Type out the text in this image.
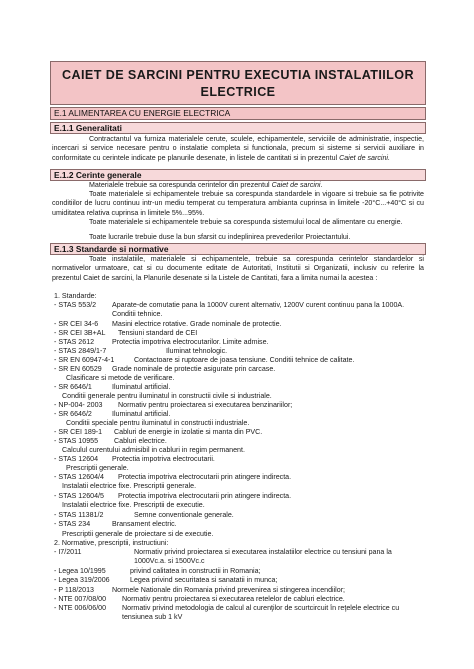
CAIET DE SARCINI PENTRU EXECUTIA INSTALATIILOR
ELECTRICE
E.1 ALIMENTAREA CU ENERGIE ELECTRICA
E.1.1 Generalitati
Contractantul va furniza materialele cerute, sculele, echipamentele, serviciile de administratie, inspectie, incercari si service necesare pentru o instalatie completa si functionala, precum si sisteme si servicii auxiliare in conformitate cu cerintele indicate pe planurile desenate, in listele de cantitati si in prezentul Caiet de sarcini.
E.1.2 Cerinte generale
Materialele trebuie sa corespunda cerintelor din prezentul Caiet de sarcini.
Toate materialele si echipamentele trebuie sa corespunda standardele in vigoare si trebuie sa fie potrivite conditiilor de lucru continuu intr-un mediu temperat cu temperatura ambianta cuprinsa in limitele -20°C...+40°C si cu umiditatea relativa cuprinsa in limitele 5%...95%.
Toate materialele si echipamentele trebuie sa corespunda sistemului local de alimentare cu energie.
Toate lucrarile trebuie duse la bun sfarsit cu indeplinirea prevederilor Proiectantului.
E.1.3 Standarde si normative
Toate instalatiile, materialele si echipamentele, trebuie sa corespunda cerintelor standardelor si normativelor urmatoare, cat si cu documente editate de Autoritati, Institutii si Organizatii, inclusiv cu referire la prezentul Caiet de sarcini, la Planurile desenate si la Listele de Cantitati, fara a limita numai la acestea :
1. Standarde:
- STAS 553/2 Aparate-de comutatie pana la 1000V curent alternativ, 1200V curent continuu pana la 1000A. Conditii tehnice.
- SR CEI 34-6 Masini electrice rotative. Grade nominale de protectie.
- SR CEI 3B+AL Tensiuni standard de CEI
- STAS 2612	Protectia impotriva electrocutarilor. Limite admise.
- STAS 2849/1-7	Iluminat tehnologic.
- SR EN 60947-4-1	Contactoare si ruptoare de joasa tensiune. Conditii tehnice de calitate.
- SR EN 60529 Grade nominale de protectie asigurate prin carcase.
Clasificare si metode de verificare.
- SR 6646/1	Iluminatul artificial.
Conditii generale pentru iluminatul in constructii civile si industriale.
- NP-004- 2003 Normativ pentru proiectarea si executarea benzinariilor;
- SR 6646/2	Iluminatul artificial.
Conditii speciale pentru iluminatul in constructii industriale.
- SR CEI 189-1 Cabluri de energie in izolatie si manta din PVC.
- STAS 10955 Cabluri electrice.
Calculul curentului admisibil in cabluri in regim permanent.
- STAS 12604 Protectia impotriva electrocutarii.
Prescriptii generale.
- STAS 12604/4 Protectia impotriva electrocutarii prin atingere indirecta.
Instalatii electrice fixe. Prescriptii generale.
- STAS 12604/5 Protectia impotriva electrocutarii prin atingere indirecta.
Instalatii electrice fixe. Prescriptii de executie.
- STAS 11381/2	Semne conventionale generale.
- STAS 234	Bransament electric.
Prescriptii generale de proiectare si de executie.
2. Normative, prescriptii, instructiuni:
- I7/2011	Normativ privind proiectarea si executarea instalatiilor electrice cu tensiuni pana la 1000Vc.a. si 1500Vc.c
- Legea 10/1995	privind calitatea in constructii in Romania;
- Legea 319/2006	Legea privind securitatea si sanatatii in munca;
- P 118/2013	Normele Nationale din Romania privind prevenirea si stingerea incendiilor;
- NTE 007/08/00 Normativ pentru proiectarea si executarea retelelor de cabluri electrice.
- NTE 006/06/00 Normativ privind metodologia de calcul al curenţilor de scurtcircuit în reţelele electrice cu tensiunea sub 1 kV
